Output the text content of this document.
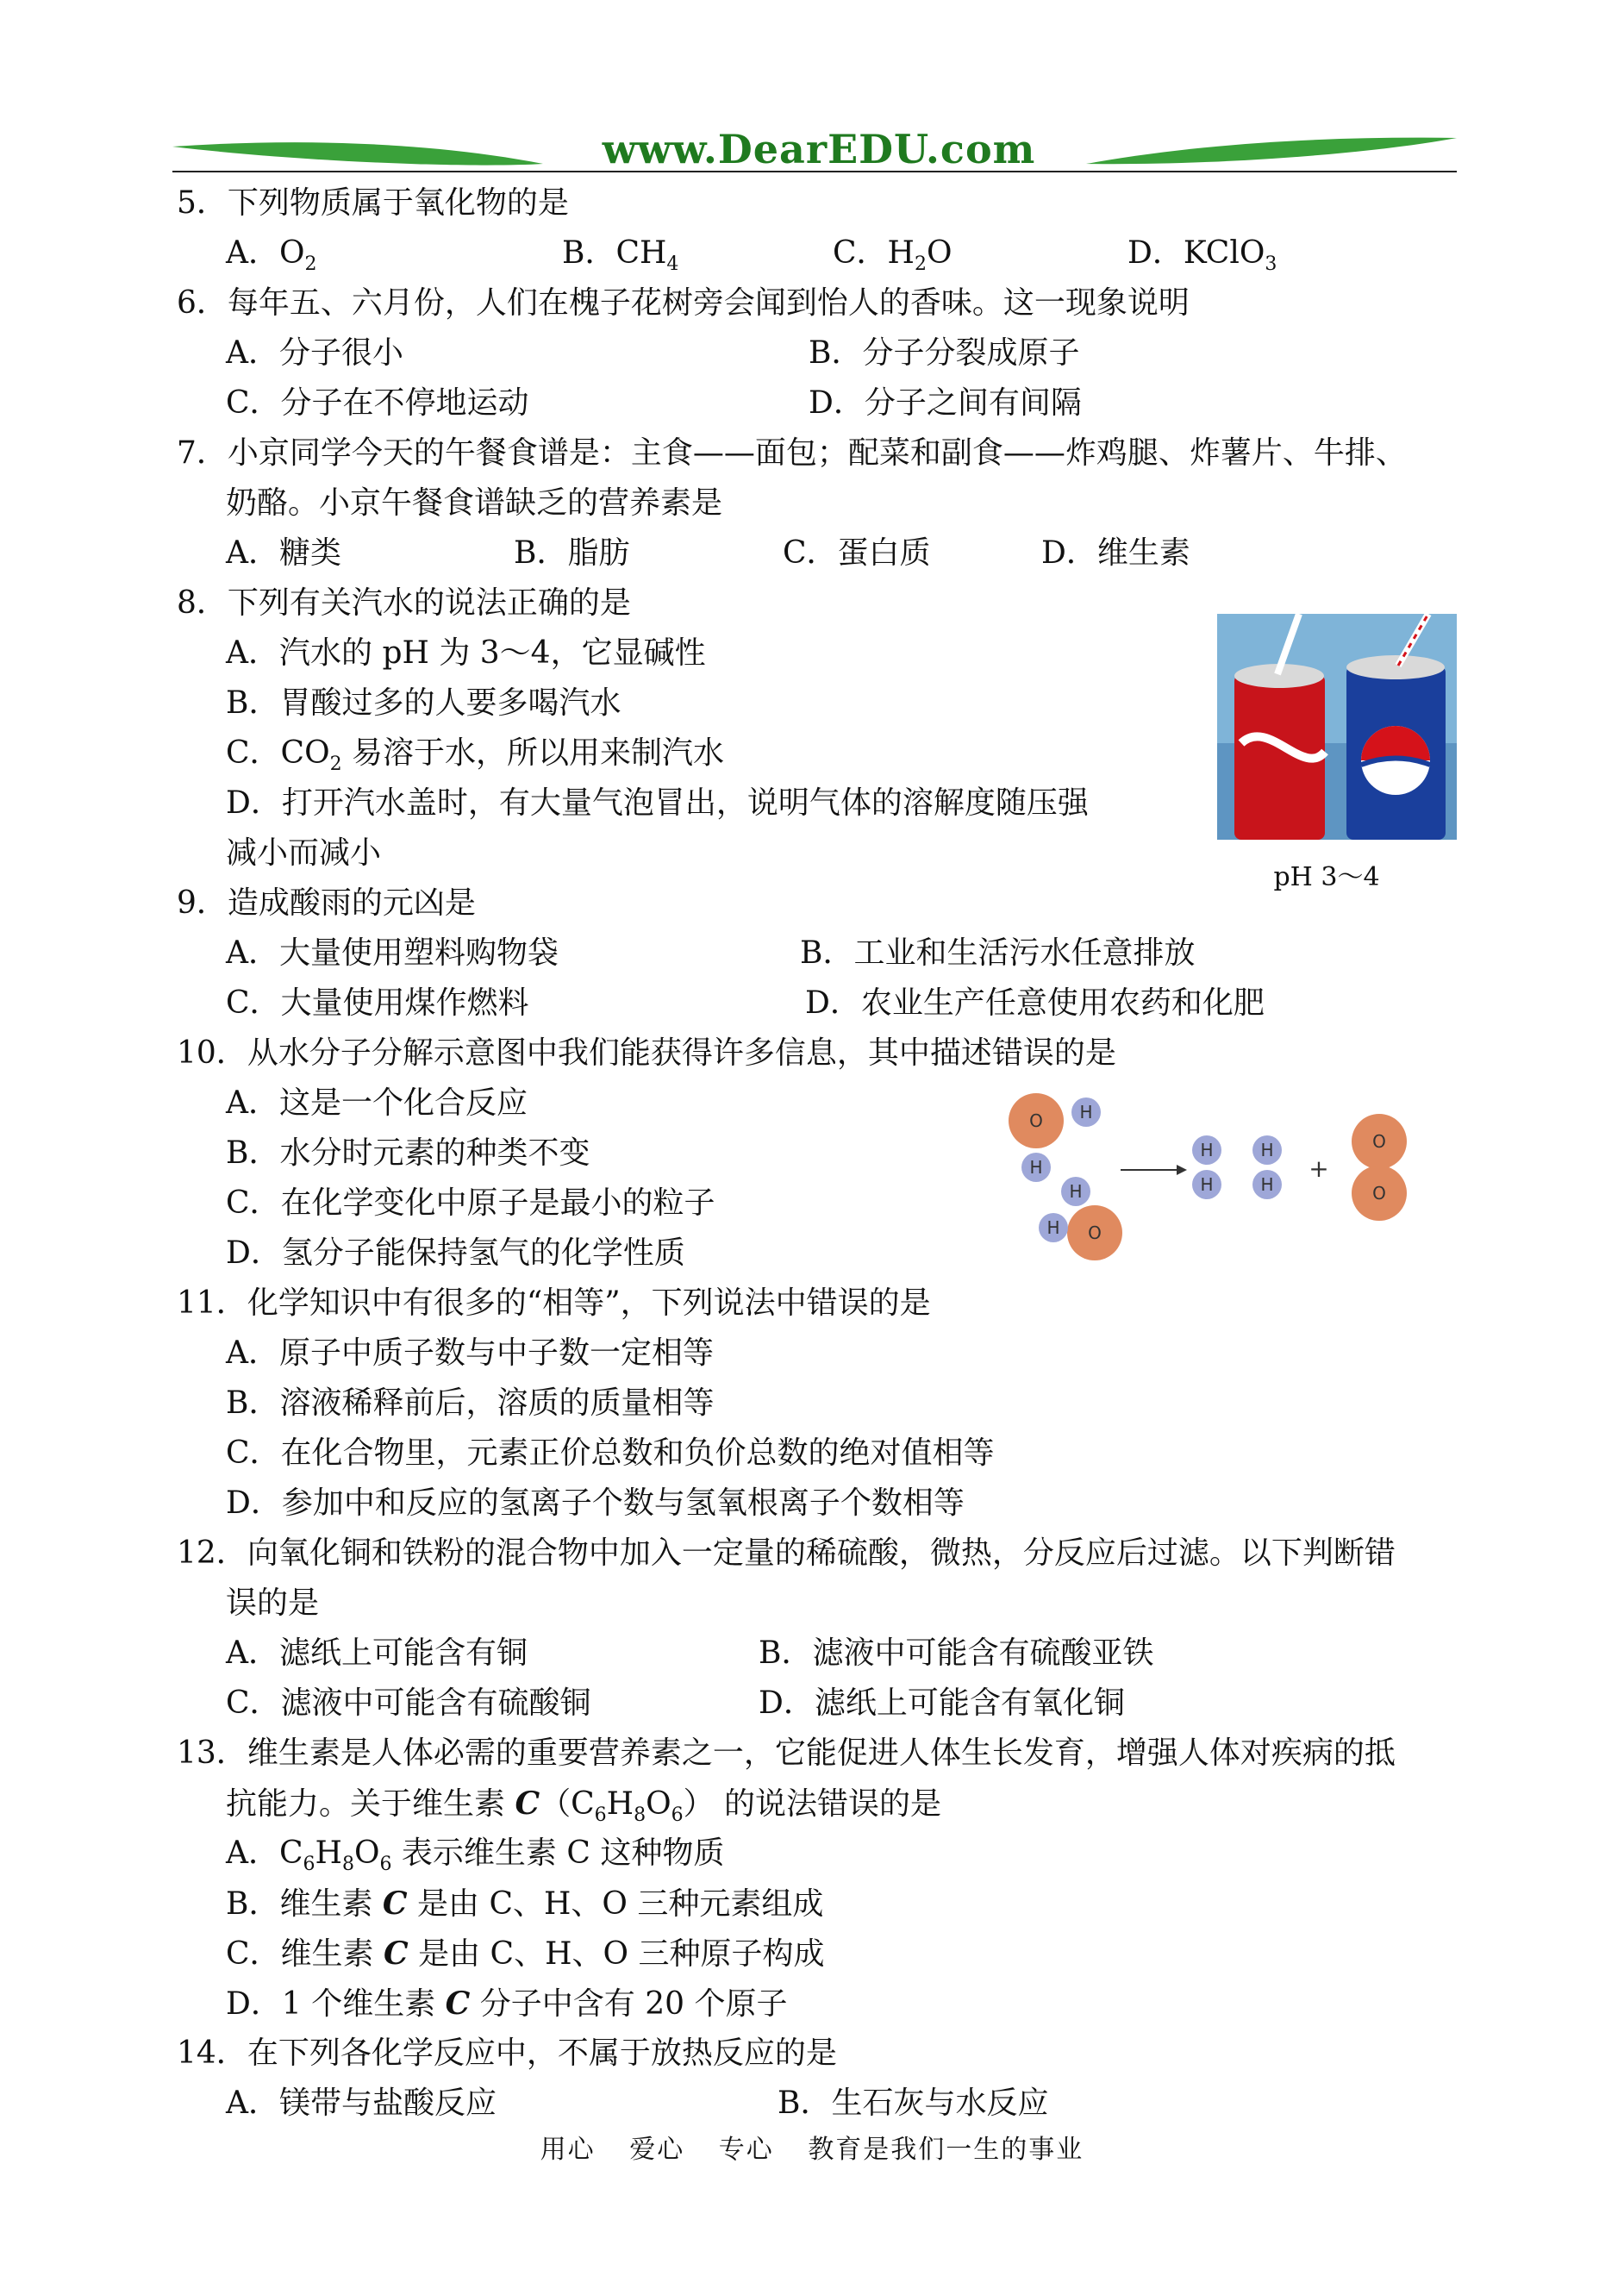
www.DearEDU.com
5．下列物质属于氧化物的是
A．$O_2$	B．$CH_4$	C．$H_2O$	D．KClO$_3$
6．每年五、六月份，人们在槐子花树旁会闻到怡人的香味。这一现象说明
A．分子很小	B．分子分裂成原子
C．分子在不停地运动	D．分子之间有间隔
7．小京同学今天的午餐食谱是：主食——面包；配菜和副食——炸鸡腿、炸薯片、牛排、
奶酪。小京午餐食谱缺乏的营养素是
A．糖类	B．脂肪	C．蛋白质	D．维生素
8．下列有关汽水的说法正确的是
A．汽水的 pH 为 3～4，它显碱性
B．胃酸过多的人要多喝汽水
C．$CO_2$ 易溶于水，所以用来制汽水
D．打开汽水盖时，有大量气泡冒出，说明气体的溶解度随压强
减小而减小
pH 3～4
9．造成酸雨的元凶是
A．大量使用塑料购物袋	B．工业和生活污水任意排放
C．大量使用煤作燃料	D．农业生产任意使用农药和化肥
10．从水分子分解示意图中我们能获得许多信息，其中描述错误的是
A．这是一个化合反应
B．水分时元素的种类不变
C．在化学变化中原子是最小的粒子
D．氢分子能保持氢气的化学性质
O H
H
H
O
H
H
H
H
H
+
O
O
11．化学知识中有很多的“相等”，下列说法中错误的是
A．原子中质子数与中子数一定相等
B．溶液稀释前后，溶质的质量相等
C．在化合物里，元素正价总数和负价总数的绝对值相等
D．参加中和反应的氢离子个数与氢氧根离子个数相等
12．向氧化铜和铁粉的混合物中加入一定量的稀硫酸，微热，分反应后过滤。以下判断错
误的是
A．滤纸上可能含有铜	B．滤液中可能含有硫酸亚铁
C．滤液中可能含有硫酸铜	D．滤纸上可能含有氧化铜
13．维生素是人体必需的重要营养素之一，它能促进人体生长发育，增强人体对疾病的抵
抗能力。关于维生素 $C(C_6H_8O_6)$ 的说法错误的是
A．$C_6H_8O_6$ 表示维生素 C 这种物质
B．维生素 C 是由 C、H、O 三种元素组成
C．维生素 C 是由 C、H、O 三种原子构成
D．1 个维生素 C 分子中含有 20 个原子
14．在下列各化学反应中，不属于放热反应的是
A．镁带与盐酸反应	B．生石灰与水反应
用心 爱心 专心 教育是我们一生的事业
